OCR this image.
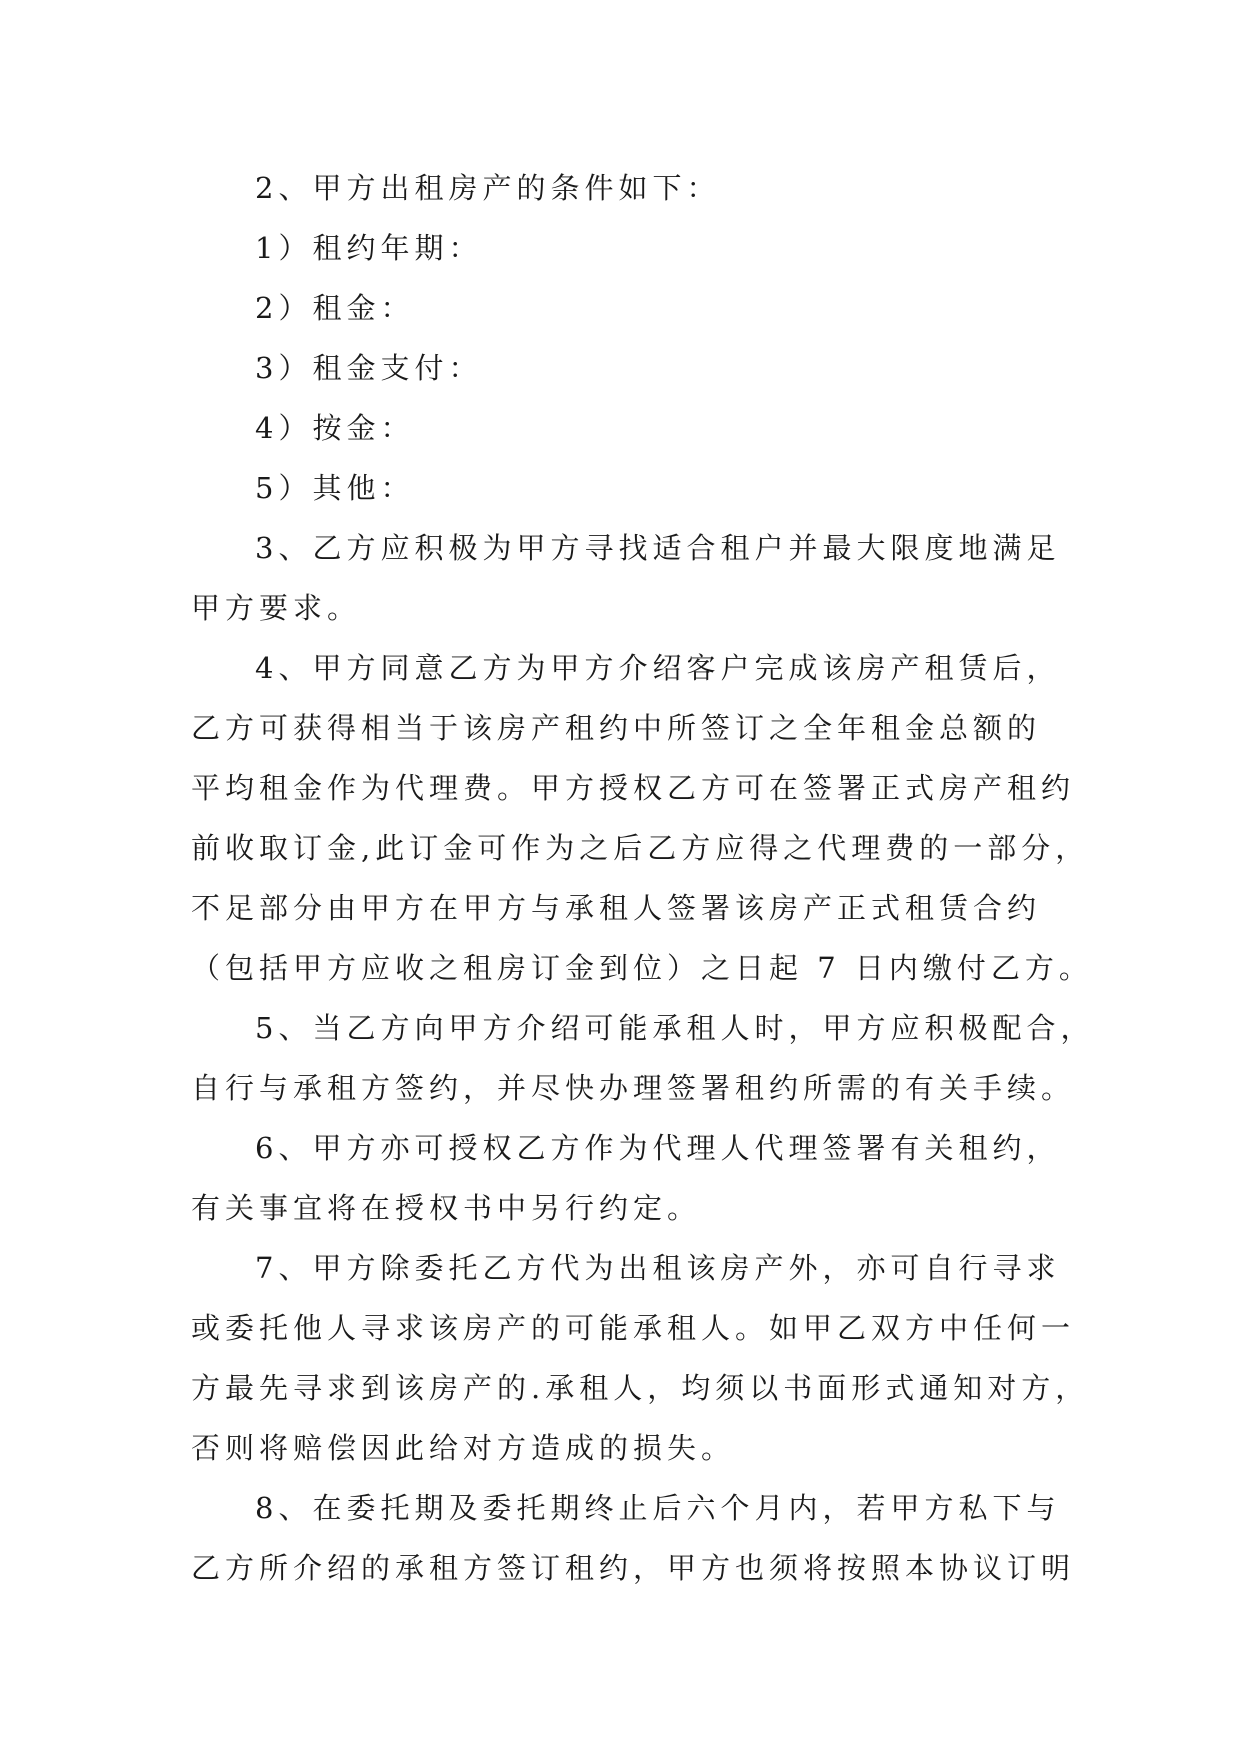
2、甲方出租房产的条件如下：
1）租约年期：
2）租金：
3）租金支付：
4）按金：
5）其他：
3、乙方应积极为甲方寻找适合租户并最大限度地满足
甲方要求。
4、甲方同意乙方为甲方介绍客户完成该房产租赁后，
乙方可获得相当于该房产租约中所签订之全年租金总额的
平均租金作为代理费。甲方授权乙方可在签署正式房产租约
前收取订金,此订金可作为之后乙方应得之代理费的一部分，
不足部分由甲方在甲方与承租人签署该房产正式租赁合约
（包括甲方应收之租房订金到位）之日起 7 日内缴付乙方。
5、当乙方向甲方介绍可能承租人时，甲方应积极配合，
自行与承租方签约，并尽快办理签署租约所需的有关手续。
6、甲方亦可授权乙方作为代理人代理签署有关租约，
有关事宜将在授权书中另行约定。
7、甲方除委托乙方代为出租该房产外，亦可自行寻求
或委托他人寻求该房产的可能承租人。如甲乙双方中任何一
方最先寻求到该房产的.承租人，均须以书面形式通知对方，
否则将赔偿因此给对方造成的损失。
8、在委托期及委托期终止后六个月内，若甲方私下与
乙方所介绍的承租方签订租约，甲方也须将按照本协议订明
